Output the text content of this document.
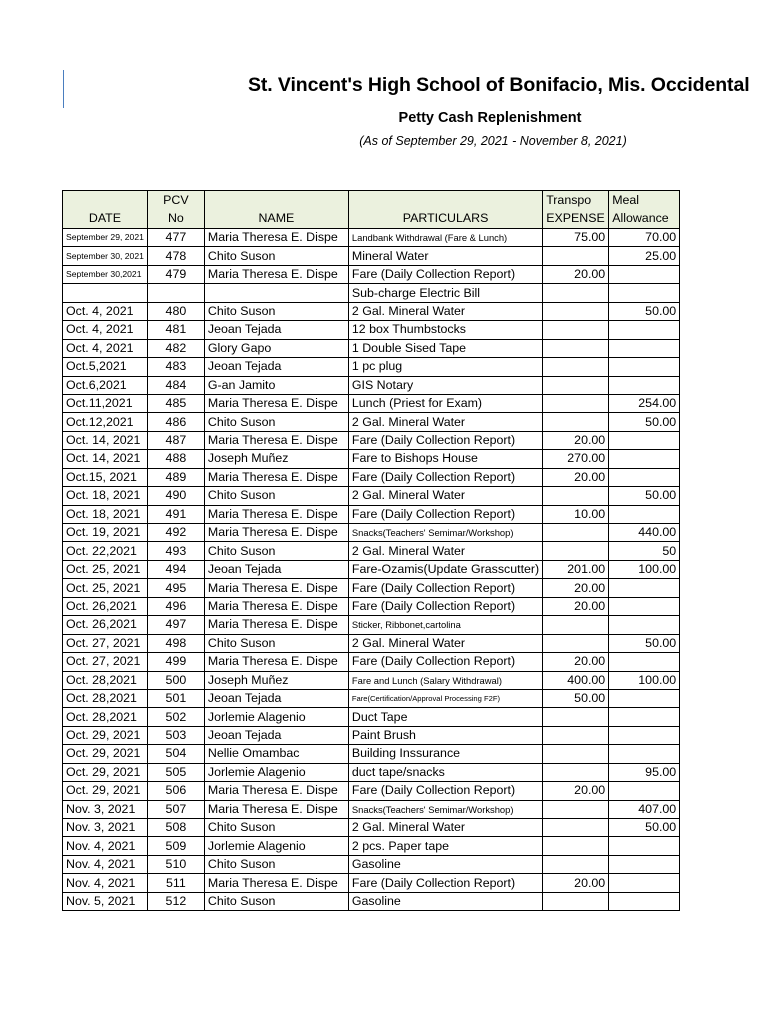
St. Vincent's High School of Bonifacio, Mis. Occidental
Petty Cash Replenishment
(As of September 29, 2021 - November 8, 2021)
	PCV			Transpo	Meal
DATE	No	NAME	PARTICULARS	EXPENSE	Allowance
September 29, 2021	477	Maria Theresa E. Dispe	Landbank Withdrawal (Fare & Lunch)	75.00	70.00
September 30, 2021	478	Chito Suson	Mineral Water		25.00
September 30,2021	479	Maria Theresa E. Dispe	Fare (Daily Collection Report)	20.00	
			Sub-charge Electric Bill		
Oct. 4, 2021	480	Chito Suson	2 Gal. Mineral Water		50.00
Oct. 4, 2021	481	Jeoan Tejada	12 box Thumbstocks		
Oct. 4, 2021	482	Glory Gapo	1 Double Sised Tape		
Oct.5,2021	483	Jeoan Tejada	1 pc plug		
Oct.6,2021	484	G-an Jamito	GIS Notary		
Oct.11,2021	485	Maria Theresa E. Dispe	Lunch (Priest for Exam)		254.00
Oct.12,2021	486	Chito Suson	2 Gal. Mineral Water		50.00
Oct. 14, 2021	487	Maria Theresa E. Dispe	Fare (Daily Collection Report)	20.00	
Oct. 14, 2021	488	Joseph Muñez	Fare to Bishops House	270.00	
Oct.15, 2021	489	Maria Theresa E. Dispe	Fare (Daily Collection Report)	20.00	
Oct. 18, 2021	490	Chito Suson	2 Gal. Mineral Water		50.00
Oct. 18, 2021	491	Maria Theresa E. Dispe	Fare (Daily Collection Report)	10.00	
Oct. 19, 2021	492	Maria Theresa E. Dispe	Snacks(Teachers' Semimar/Workshop)		440.00
Oct. 22,2021	493	Chito Suson	2 Gal. Mineral Water		50
Oct. 25, 2021	494	Jeoan Tejada	Fare-Ozamis(Update Grasscutter)	201.00	100.00
Oct. 25, 2021	495	Maria Theresa E. Dispe	Fare (Daily Collection Report)	20.00	
Oct. 26,2021	496	Maria Theresa E. Dispe	Fare (Daily Collection Report)	20.00	
Oct. 26,2021	497	Maria Theresa E. Dispe	Sticker, Ribbonet,cartolina		
Oct. 27, 2021	498	Chito Suson	2 Gal. Mineral Water		50.00
Oct. 27, 2021	499	Maria Theresa E. Dispe	Fare (Daily Collection Report)	20.00	
Oct. 28,2021	500	Joseph Muñez	Fare and Lunch (Salary Withdrawal)	400.00	100.00
Oct. 28,2021	501	Jeoan Tejada	Fare(Certification/Approval Processing F2F)	50.00	
Oct. 28,2021	502	Jorlemie Alagenio	Duct Tape		
Oct. 29, 2021	503	Jeoan Tejada	Paint Brush		
Oct. 29, 2021	504	Nellie Omambac	Building Inssurance		
Oct. 29, 2021	505	Jorlemie Alagenio	duct tape/snacks		95.00
Oct. 29, 2021	506	Maria Theresa E. Dispe	Fare (Daily Collection Report)	20.00	
Nov. 3, 2021	507	Maria Theresa E. Dispe	Snacks(Teachers' Semimar/Workshop)		407.00
Nov. 3, 2021	508	Chito Suson	2 Gal. Mineral Water		50.00
Nov. 4, 2021	509	Jorlemie Alagenio	2 pcs. Paper tape		
Nov. 4, 2021	510	Chito Suson	Gasoline		
Nov. 4, 2021	511	Maria Theresa E. Dispe	Fare (Daily Collection Report)	20.00	
Nov. 5, 2021	512	Chito Suson	Gasoline		
